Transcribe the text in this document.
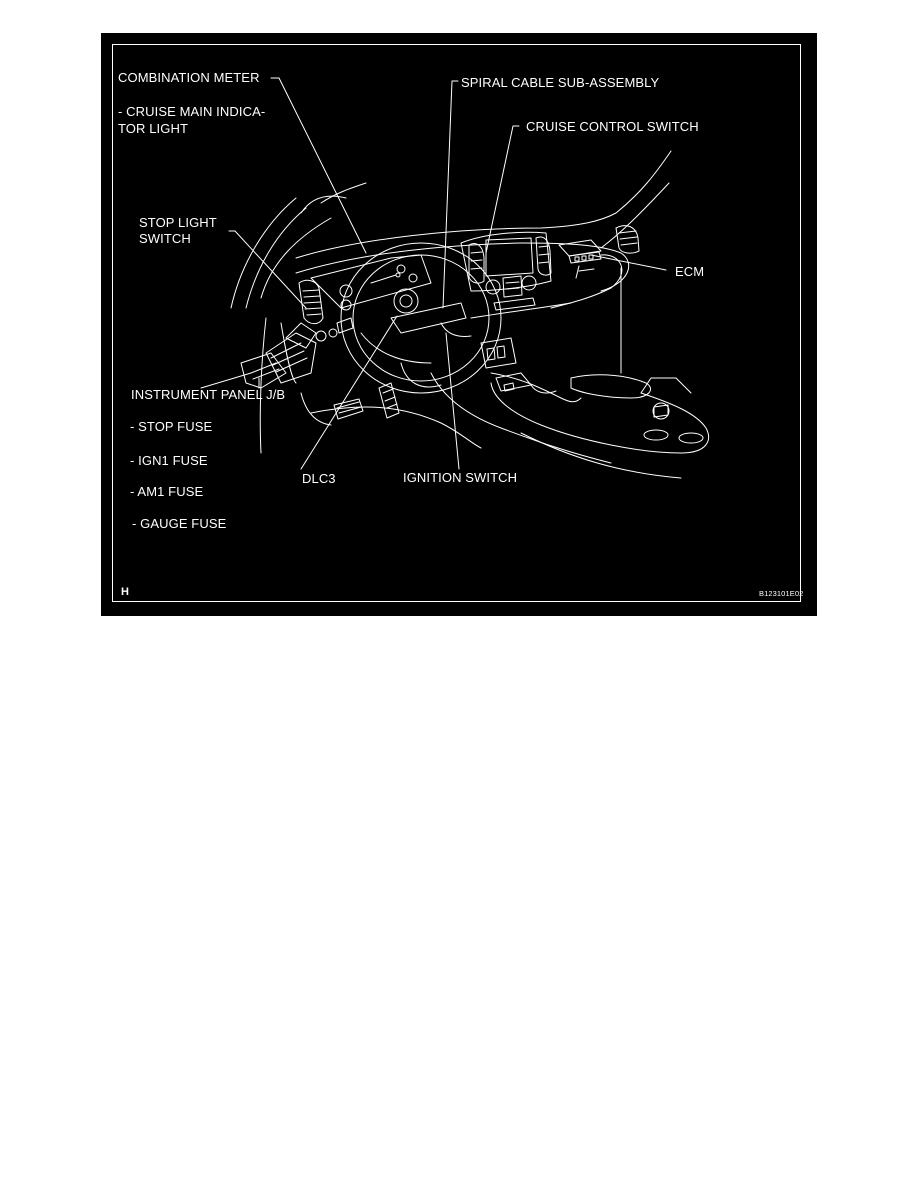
COMBINATION METER
- CRUISE MAIN INDICA-
TOR LIGHT
STOP LIGHT
SWITCH
SPIRAL CABLE SUB-ASSEMBLY
CRUISE CONTROL SWITCH
ECM
INSTRUMENT PANEL J/B
- STOP FUSE
- IGN1 FUSE
- AM1 FUSE
- GAUGE FUSE
DLC3	IGNITION SWITCH
H	B123101E02
